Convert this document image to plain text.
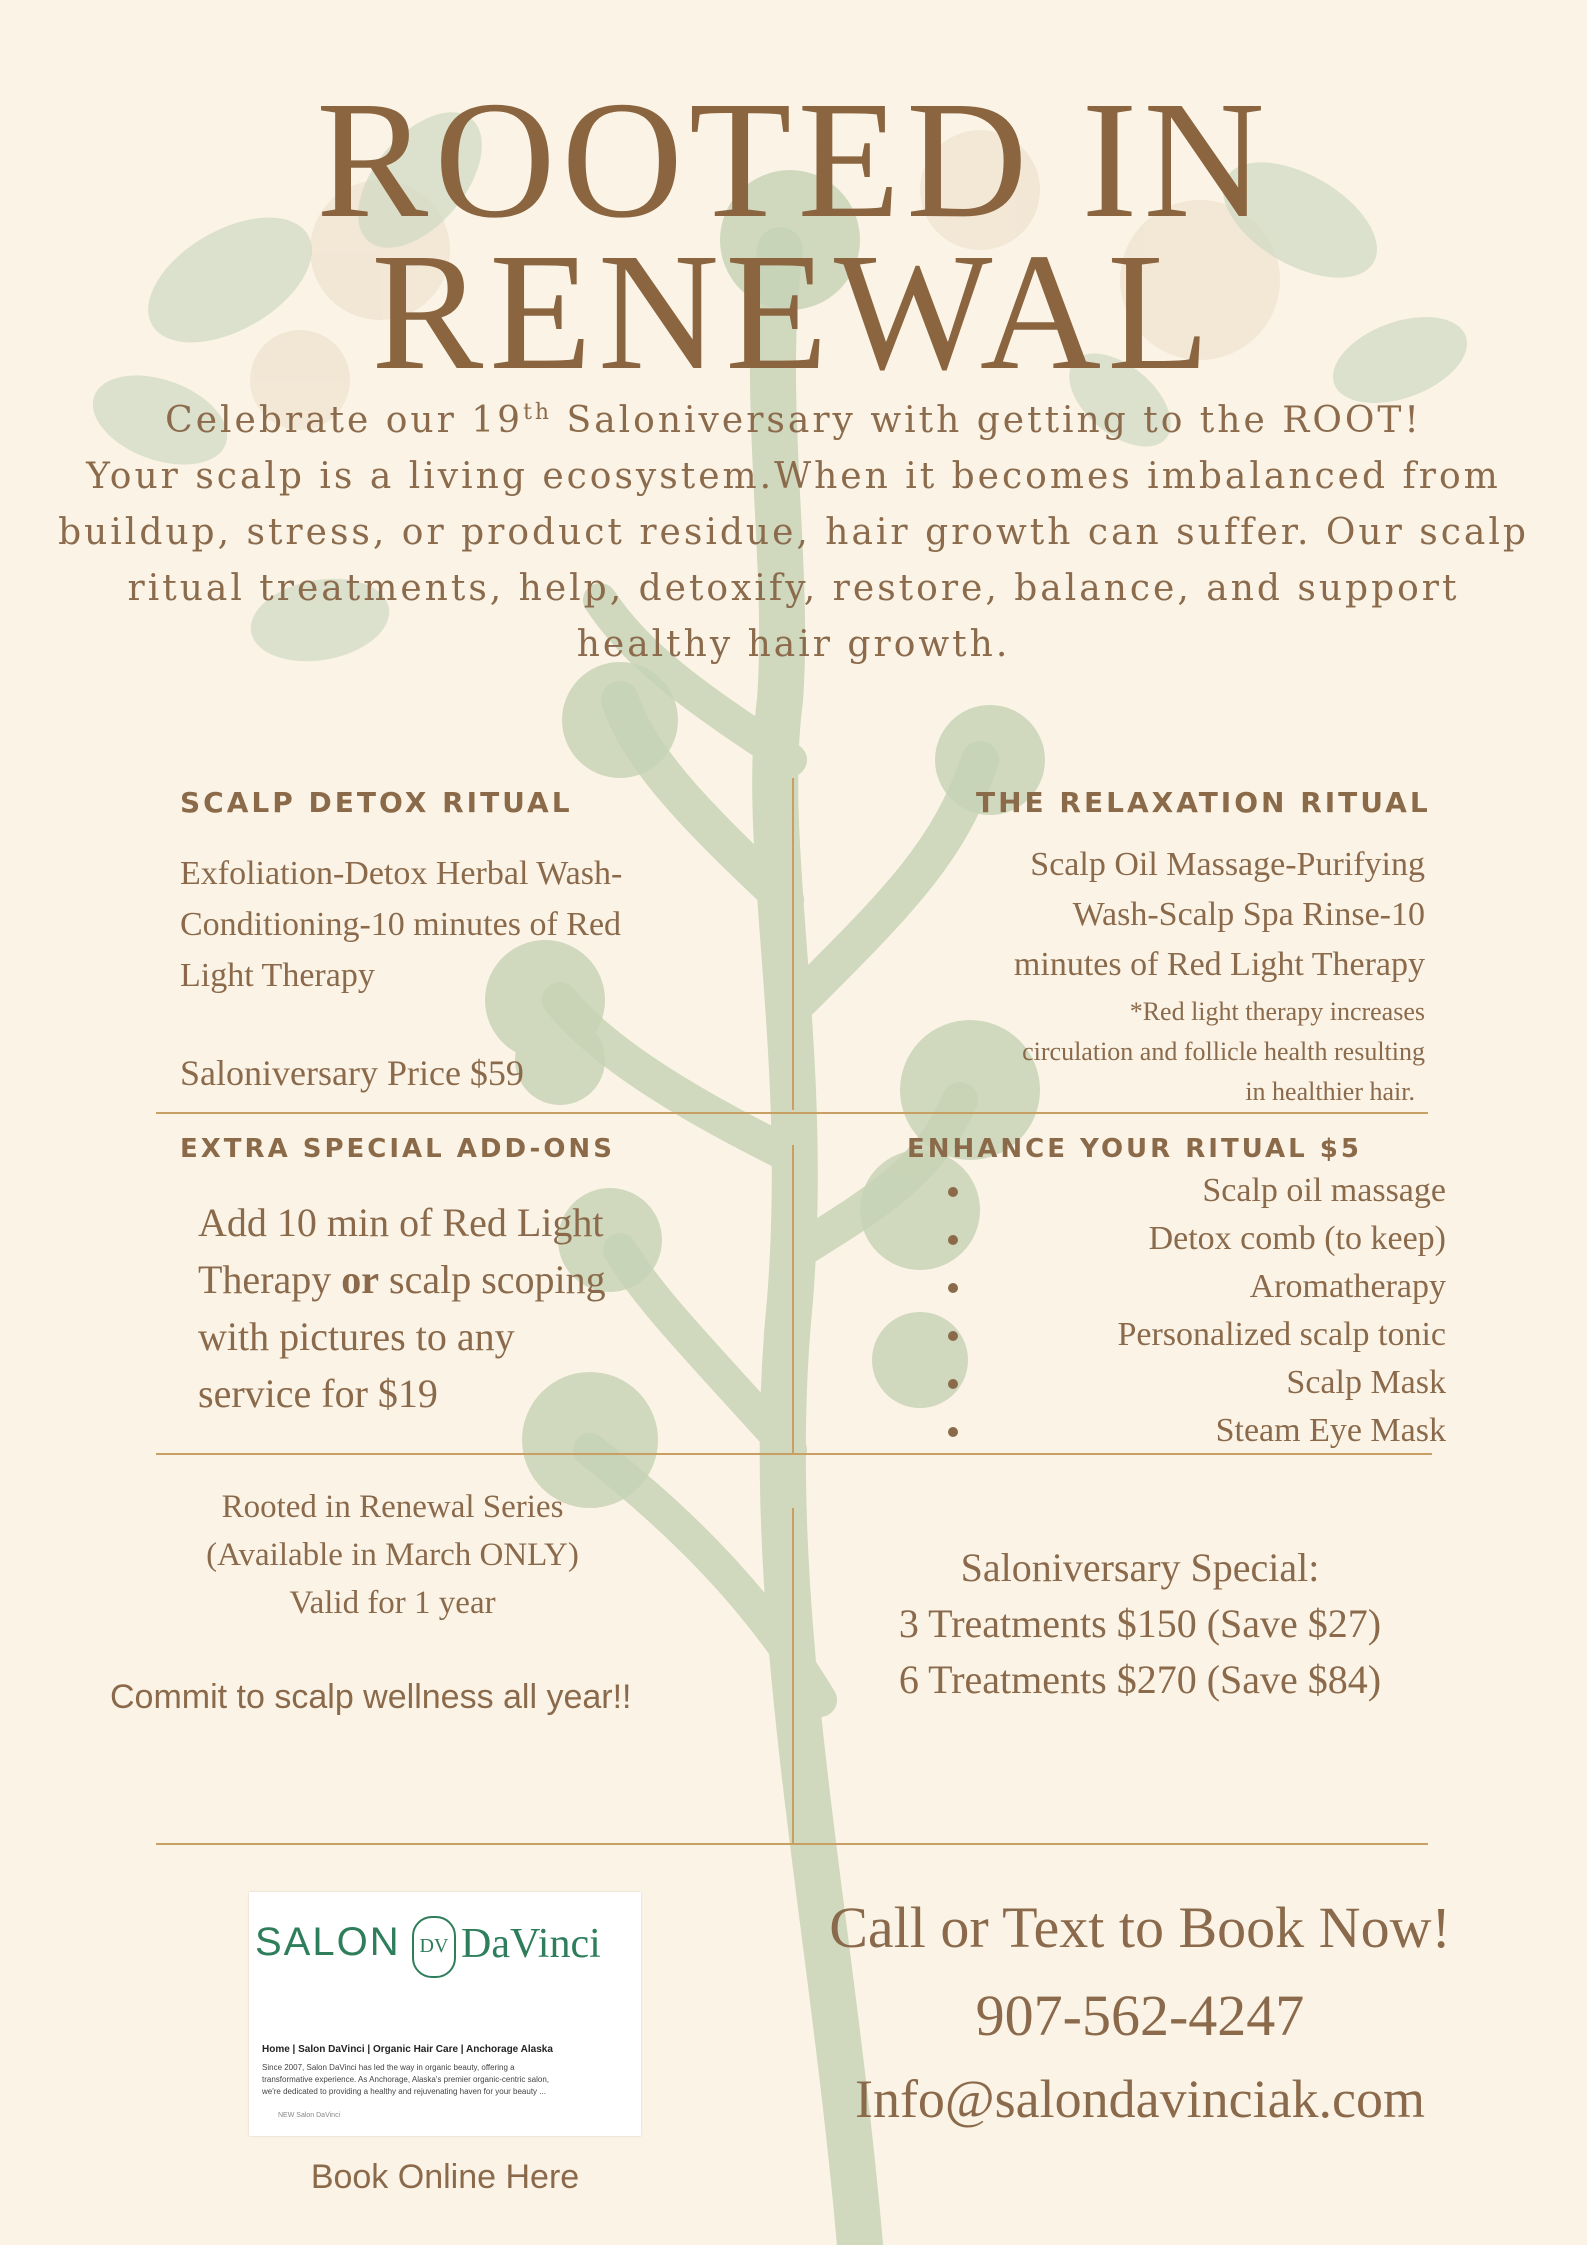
ROOTED IN
RENEWAL
Celebrate our 19th Saloniversary with getting to the ROOT!
Your scalp is a living ecosystem.When it becomes imbalanced from
buildup, stress, or product residue, hair growth can suffer. Our scalp
ritual treatments, help, detoxify, restore, balance, and support
healthy hair growth.
SCALP DETOX RITUAL
Exfoliation-Detox Herbal Wash-
Conditioning-10 minutes of Red
Light Therapy
Saloniversary Price $59
THE RELAXATION RITUAL
Scalp Oil Massage-Purifying
Wash-Scalp Spa Rinse-10
minutes of Red Light Therapy
*Red light therapy increases
circulation and follicle health resulting
in healthier hair.
EXTRA SPECIAL ADD-ONS
Add 10 min of Red Light
Therapy or scalp scoping
with pictures to any
service for $19
ENHANCE YOUR RITUAL $5
Scalp oil massage
Detox comb (to keep)
Aromatherapy
Personalized scalp tonic
Scalp Mask
Steam Eye Mask
Rooted in Renewal Series
(Available in March ONLY)
Valid for 1 year
Commit to scalp wellness all year!!
Saloniversary Special:
3 Treatments $150 (Save $27)
6 Treatments $270 (Save $84)
SALON DV DaVinci
Home | Salon DaVinci | Organic Hair Care | Anchorage Alaska
Since 2007, Salon DaVinci has led the way in organic beauty, offering a
transformative experience. As Anchorage, Alaska's premier organic-centric salon,
we're dedicated to providing a healthy and rejuvenating haven for your beauty ...
NEW Salon DaVinci
Book Online Here
Call or Text to Book Now!
907-562-4247
Info@salondavinciak.com
